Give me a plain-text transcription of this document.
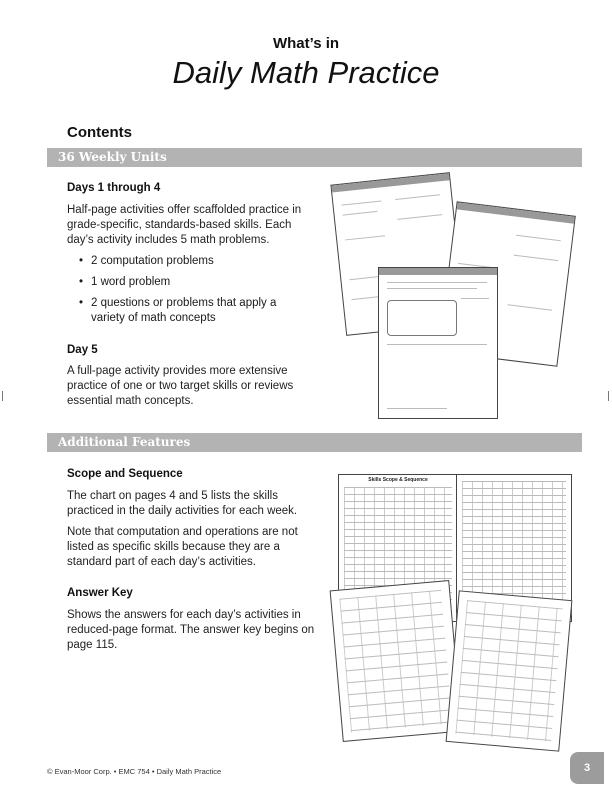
What’s in
Daily Math Practice
Contents
36 Weekly Units
Days 1 through 4

Half-page activities offer scaffolded practice in grade-specific, standards-based skills. Each day’s activity includes 5 math problems.

• 2 computation problems
• 1 word problem
• 2 questions or problems that apply a variety of math concepts
Day 5

A full-page activity provides more extensive practice of one or two target skills or reviews essential math concepts.

Additional Features
Scope and Sequence

The chart on pages 4 and 5 lists the skills practiced in the daily activities for each week.

Note that computation and operations are not listed as specific skills because they are a standard part of each day’s activities.

Answer Key

Shows the answers for each day’s activities in reduced-page format. The answer key begins on page 115.

Skills Scope & Sequence
© Evan-Moor Corp. • EMC 754 • Daily Math Practice	3
